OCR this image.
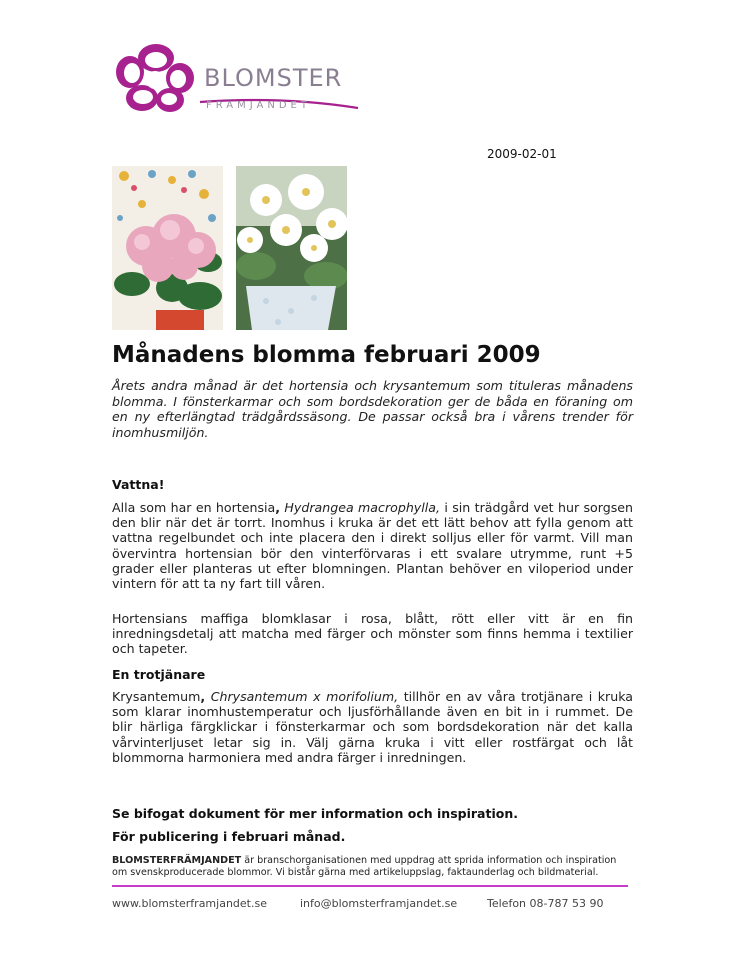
BLOMSTER
FRÄMJANDET
2009-02-01
Månadens blomma februari 2009
Årets andra månad är det hortensia och krysantemum som tituleras månadens blomma. I fönsterkarmar och som bordsdekoration ger de båda en föraning om en ny efterlängtad trädgårdssäsong. De passar också bra i vårens trender för inomhusmiljön.
Vattna!
Alla som har en hortensia, Hydrangea macrophylla, i sin trädgård vet hur sorgsen den blir när det är torrt. Inomhus i kruka är det ett lätt behov att fylla genom att vattna regelbundet och inte placera den i direkt solljus eller för varmt. Vill man övervintra hortensian bör den vinterförvaras i ett svalare utrymme, runt +5 grader eller planteras ut efter blomningen. Plantan behöver en viloperiod under vintern för att ta ny fart till våren.
Hortensians maffiga blomklasar i rosa, blått, rött eller vitt är en fin inredningsdetalj att matcha med färger och mönster som finns hemma i textilier och tapeter.
En trotjänare
Krysantemum, Chrysantemum x morifolium, tillhör en av våra trotjänare i kruka som klarar inomhustemperatur och ljusförhållande även en bit in i rummet. De blir härliga färgklickar i fönsterkarmar och som bordsdekoration när det kalla vårvinterljuset letar sig in. Välj gärna kruka i vitt eller rostfärgat och låt blommorna harmoniera med andra färger i inredningen.
Se bifogat dokument för mer information och inspiration.
För publicering i februari månad.
BLOMSTERFRÄMJANDET är branschorganisationen med uppdrag att sprida information och inspiration om svenskproducerade blommor. Vi bistår gärna med artikeluppslag, faktaunderlag och bildmaterial.
www.blomsterframjandet.se	info@blomsterframjandet.se	Telefon 08-787 53 90
